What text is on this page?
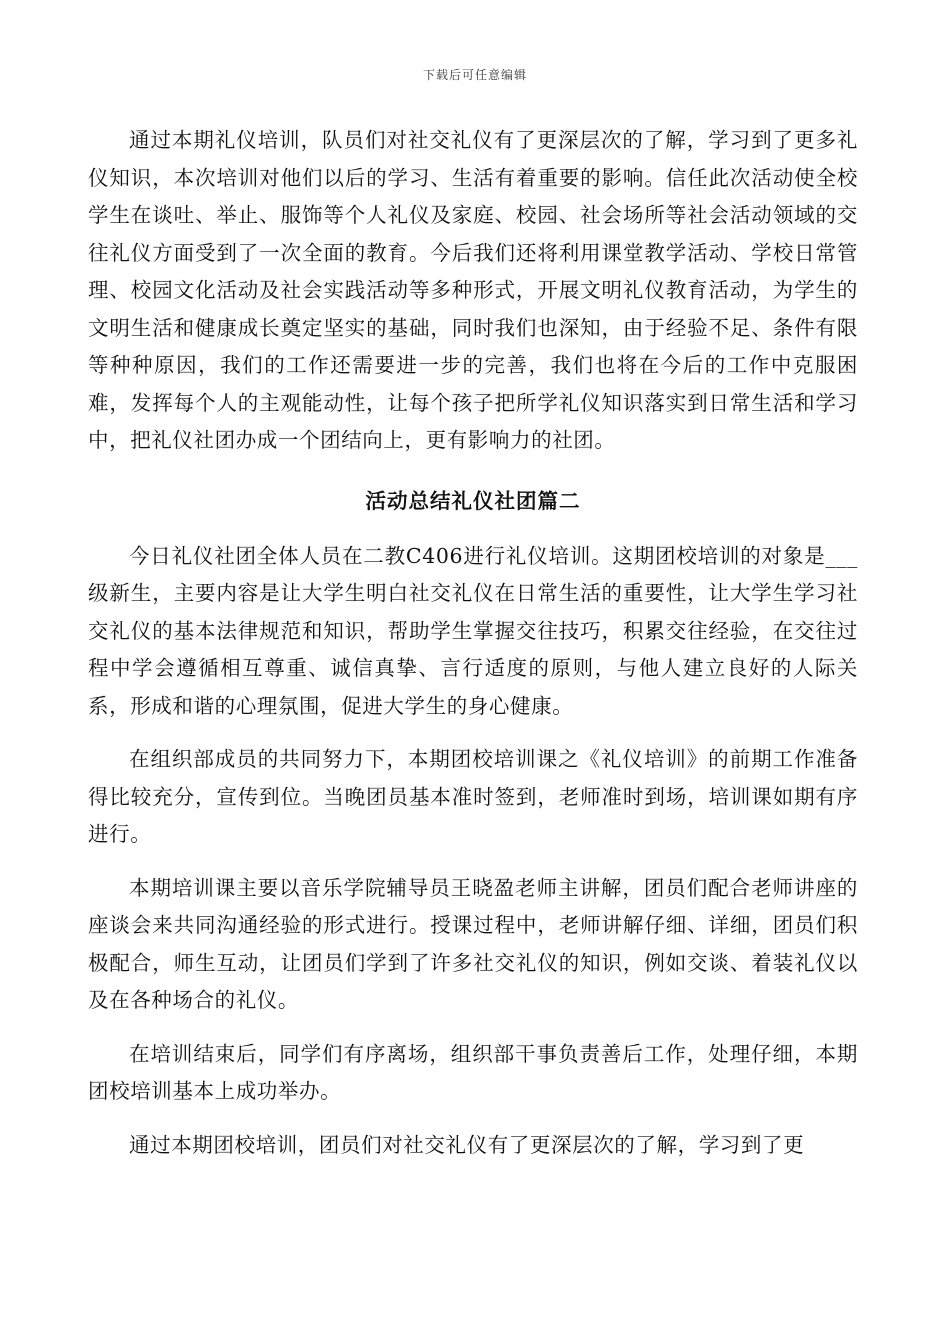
下载后可任意编辑

通过本期礼仪培训，队员们对社交礼仪有了更深层次的了解，学习到了更多礼仪知识，本次培训对他们以后的学习、生活有着重要的影响。信任此次活动使全校学生在谈吐、举止、服饰等个人礼仪及家庭、校园、社会场所等社会活动领域的交往礼仪方面受到了一次全面的教育。今后我们还将利用课堂教学活动、学校日常管理、校园文化活动及社会实践活动等多种形式，开展文明礼仪教育活动，为学生的文明生活和健康成长奠定坚实的基础，同时我们也深知，由于经验不足、条件有限等种种原因，我们的工作还需要进一步的完善，我们也将在今后的工作中克服困难，发挥每个人的主观能动性，让每个孩子把所学礼仪知识落实到日常生活和学习中，把礼仪社团办成一个团结向上，更有影响力的社团。

活动总结礼仪社团篇二

今日礼仪社团全体人员在二教C406进行礼仪培训。这期团校培训的对象是___级新生，主要内容是让大学生明白社交礼仪在日常生活的重要性，让大学生学习社交礼仪的基本法律规范和知识，帮助学生掌握交往技巧，积累交往经验，在交往过程中学会遵循相互尊重、诚信真挚、言行适度的原则，与他人建立良好的人际关系，形成和谐的心理氛围，促进大学生的身心健康。

在组织部成员的共同努力下，本期团校培训课之《礼仪培训》的前期工作准备得比较充分，宣传到位。当晚团员基本准时签到，老师准时到场，培训课如期有序进行。

本期培训课主要以音乐学院辅导员王晓盈老师主讲解，团员们配合老师讲座的座谈会来共同沟通经验的形式进行。授课过程中，老师讲解仔细、详细，团员们积极配合，师生互动，让团员们学到了许多社交礼仪的知识，例如交谈、着装礼仪以及在各种场合的礼仪。

在培训结束后，同学们有序离场，组织部干事负责善后工作，处理仔细，本期团校培训基本上成功举办。

通过本期团校培训，团员们对社交礼仪有了更深层次的了解，学习到了更
